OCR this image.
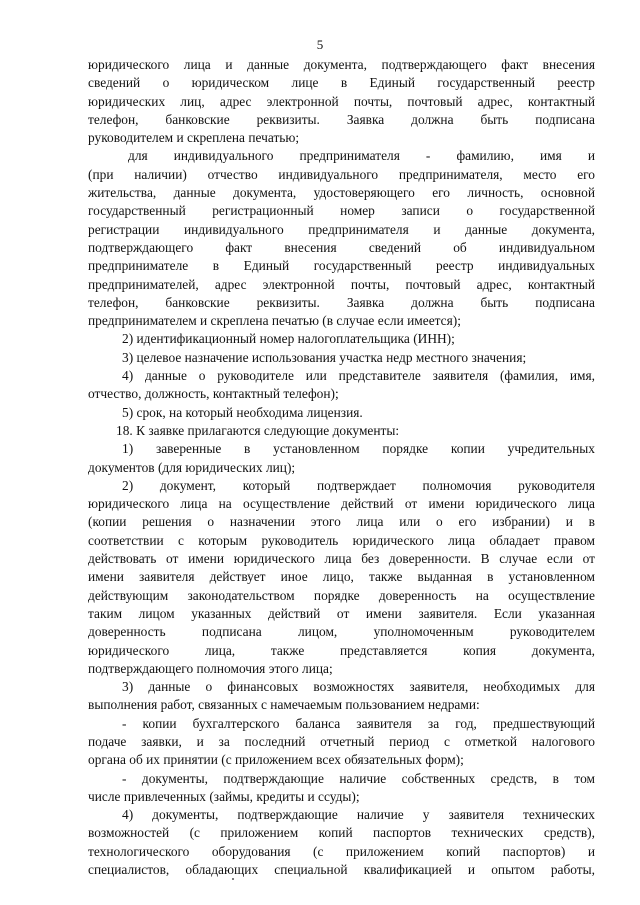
5
юридического лица и данные документа, подтверждающего факт внесения
сведений о юридическом лице в Единый государственный реестр
юридических лиц, адрес электронной почты, почтовый адрес, контактный
телефон, банковские реквизиты. Заявка должна быть подписана
руководителем и скреплена печатью;
для индивидуального предпринимателя - фамилию, имя и
(при наличии) отчество индивидуального предпринимателя, место его
жительства, данные документа, удостоверяющего его личность, основной
государственный регистрационный номер записи о государственной
регистрации индивидуального предпринимателя и данные документа,
подтверждающего факт внесения сведений об индивидуальном
предпринимателе в Единый государственный реестр индивидуальных
предпринимателей, адрес электронной почты, почтовый адрес, контактный
телефон, банковские реквизиты. Заявка должна быть подписана
предпринимателем и скреплена печатью (в случае если имеется);
2) идентификационный номер налогоплательщика (ИНН);
3) целевое назначение использования участка недр местного значения;
4) данные о руководителе или представителе заявителя (фамилия, имя,
отчество, должность, контактный телефон);
5) срок, на который необходима лицензия.
18. К заявке прилагаются следующие документы:
1) заверенные в установленном порядке копии учредительных
документов (для юридических лиц);
2) документ, который подтверждает полномочия руководителя
юридического лица на осуществление действий от имени юридического лица
(копии решения о назначении этого лица или о его избрании) и в
соответствии с которым руководитель юридического лица обладает правом
действовать от имени юридического лица без доверенности. В случае если от
имени заявителя действует иное лицо, также выданная в установленном
действующим законодательством порядке доверенность на осуществление
таким лицом указанных действий от имени заявителя. Если указанная
доверенность подписана лицом, уполномоченным руководителем
юридического лица, также представляется копия документа,
подтверждающего полномочия этого лица;
3) данные о финансовых возможностях заявителя, необходимых для
выполнения работ, связанных с намечаемым пользованием недрами:
- копии бухгалтерского баланса заявителя за год, предшествующий
подаче заявки, и за последний отчетный период с отметкой налогового
органа об их принятии (с приложением всех обязательных форм);
- документы, подтверждающие наличие собственных средств, в том
числе привлеченных (займы, кредиты и ссуды);
4) документы, подтверждающие наличие у заявителя технических
возможностей (с приложением копий паспортов технических средств),
технологического оборудования (с приложением копий паспортов) и
специалистов, обладающих специальной квалификацией и опытом работы,
